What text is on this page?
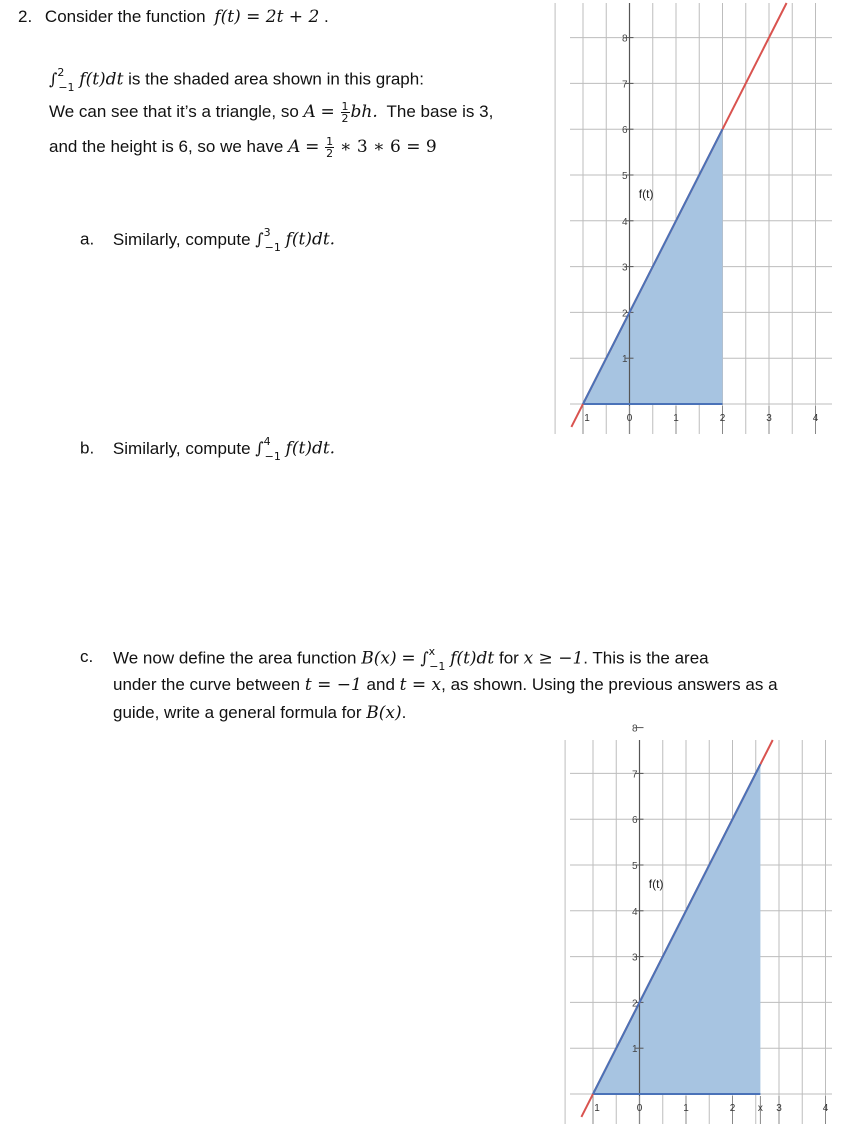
2. Consider the function f(t) = 2t + 2 .
∫$^2_{-1}$ f(t)dt is the shaded area shown in this graph:
We can see that it’s a triangle, so $A = \frac{1}{2}$ bh. The base is 3,
and the height is 6, so we have $A = \frac{1}{2}$ ∗ 3 ∗ 6 = 9
a. Similarly, compute ∫$^3_{-1}$ f(t)dt.
b. Similarly, compute ∫$^4_{-1}$ f(t)dt.
c. We now define the area function B(x) = ∫$^x_{-1}$ f(t)dt for x ≥ −1. This is the area
under the curve between t = −1 and t = x, as shown. Using the previous answers as a
guide, write a general formula for B(x).
1
2
3
4
5
6
7
8
1	0	1	2	3	4
f(t)
1
2
3
4
5
6
7
8
1	0	1	2 x 3	4
f(t)
